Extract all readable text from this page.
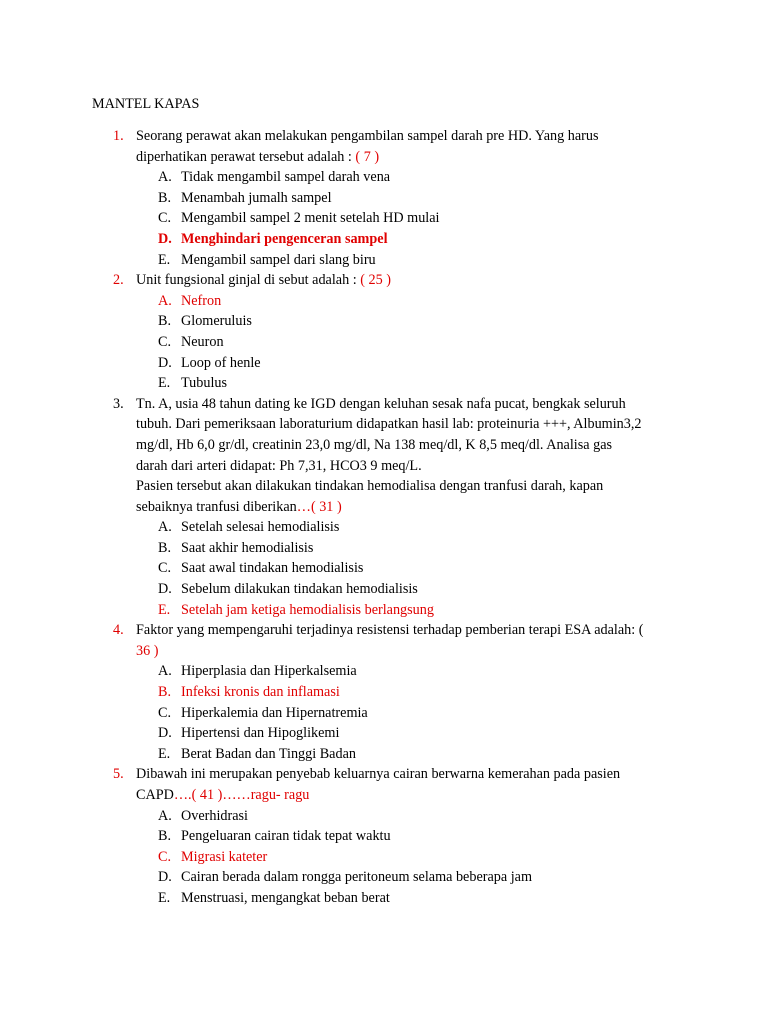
MANTEL KAPAS
1. Seorang perawat akan melakukan pengambilan sampel darah pre HD. Yang harus
diperhatikan perawat tersebut adalah : ( 7 )
A. Tidak mengambil sampel darah vena
B. Menambah jumalh sampel
C. Mengambil sampel 2 menit setelah HD mulai
D. Menghindari pengenceran sampel
E. Mengambil sampel dari slang biru
2. Unit fungsional ginjal di sebut adalah : ( 25 )
A. Nefron
B. Glomeruluis
C. Neuron
D. Loop of henle
E. Tubulus
3. Tn. A, usia 48 tahun dating ke IGD dengan keluhan sesak nafa pucat, bengkak seluruh
tubuh. Dari pemeriksaan laboraturium didapatkan hasil lab: proteinuria +++, Albumin3,2
mg/dl, Hb 6,0 gr/dl, creatinin 23,0 mg/dl, Na 138 meq/dl, K 8,5 meq/dl. Analisa gas
darah dari arteri didapat: Ph 7,31, HCO3 9 meq/L.
Pasien tersebut akan dilakukan tindakan hemodialisa dengan tranfusi darah, kapan
sebaiknya tranfusi diberikan…( 31 )
A. Setelah selesai hemodialisis
B. Saat akhir hemodialisis
C. Saat awal tindakan hemodialisis
D. Sebelum dilakukan tindakan hemodialisis
E. Setelah jam ketiga hemodialisis berlangsung
4. Faktor yang mempengaruhi terjadinya resistensi terhadap pemberian terapi ESA adalah: (
36 )
A. Hiperplasia dan Hiperkalsemia
B. Infeksi kronis dan inflamasi
C. Hiperkalemia dan Hipernatremia
D. Hipertensi dan Hipoglikemi
E. Berat Badan dan Tinggi Badan
5. Dibawah ini merupakan penyebab keluarnya cairan berwarna kemerahan pada pasien
CAPD….( 41 )……ragu- ragu
A. Overhidrasi
B. Pengeluaran cairan tidak tepat waktu
C. Migrasi kateter
D. Cairan berada dalam rongga peritoneum selama beberapa jam
E. Menstruasi, mengangkat beban berat
